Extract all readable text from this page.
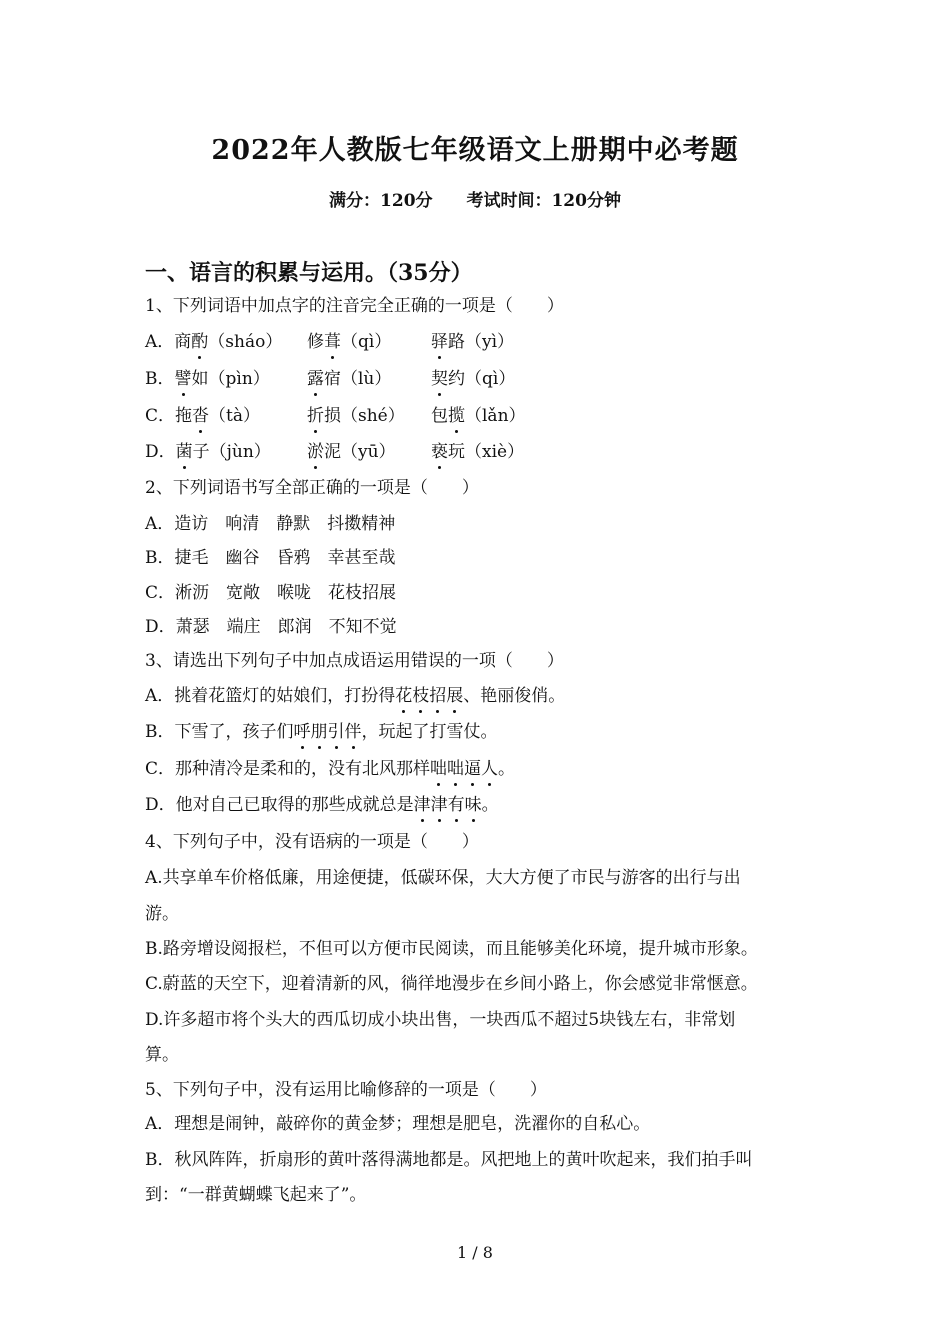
2022年人教版七年级语文上册期中必考题
满分：120分 考试时间：120分钟
一、语言的积累与运用。（35分）
1、下列词语中加点字的注音完全正确的一项是（　　）
A．商酌（sháo） 修葺（qì） 驿路（yì）
B．譬如（pìn） 露宿（lù） 契约（qì）
C．拖沓（tà）	折损（shé） 包揽（lǎn）
D．菌子（jùn） 淤泥（yū） 亵玩（xiè）
2、下列词语书写全部正确的一项是（　　）
A．造访　响清　静默　抖擞精神
B．捷毛　幽谷　昏鸦　幸甚至哉
C．淅沥　宽敞　喉咙　花枝招展
D．萧瑟　端庄　郎润　不知不觉
3、请选出下列句子中加点成语运用错误的一项（　　）
A．挑着花篮灯的姑娘们，打扮得花枝招展、艳丽俊俏。
B．下雪了，孩子们呼朋引伴，玩起了打雪仗。
C．那种清冷是柔和的，没有北风那样咄咄逼人。
D．他对自己已取得的那些成就总是津津有味。
4、下列句子中，没有语病的一项是（　　）
A.共享单车价格低廉，用途便捷，低碳环保，大大方便了市民与游客的出行与出
游。
B.路旁增设阅报栏，不但可以方便市民阅读，而且能够美化环境，提升城市形象。
C.蔚蓝的天空下，迎着清新的风，徜徉地漫步在乡间小路上，你会感觉非常惬意。
D.许多超市将个头大的西瓜切成小块出售，一块西瓜不超过5块钱左右，非常划
算。
5、下列句子中，没有运用比喻修辞的一项是（　　）
A．理想是闹钟，敲碎你的黄金梦；理想是肥皂，洗濯你的自私心。
B．秋风阵阵，折扇形的黄叶落得满地都是。风把地上的黄叶吹起来，我们拍手叫
到：“一群黄蝴蝶飞起来了”。
1 / 8
